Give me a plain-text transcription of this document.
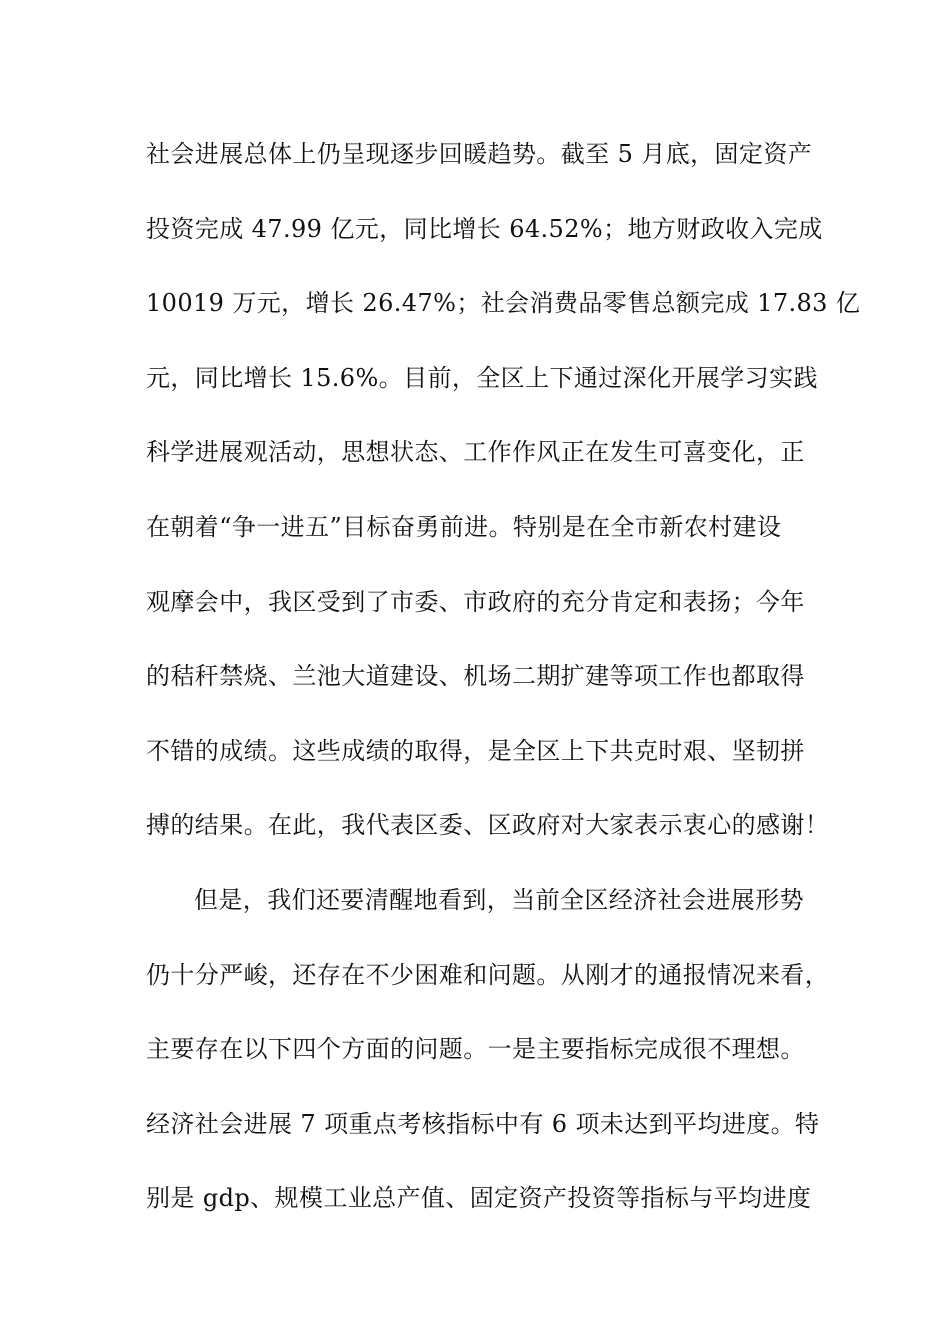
社会进展总体上仍呈现逐步回暖趋势。截至 5 月底，固定资产
投资完成 47.99 亿元，同比增长 64.52%；地方财政收入完成
10019 万元，增长 26.47%；社会消费品零售总额完成 17.83 亿
元，同比增长 15.6%。目前，全区上下通过深化开展学习实践
科学进展观活动，思想状态、工作作风正在发生可喜变化，正
在朝着“争一进五”目标奋勇前进。特别是在全市新农村建设
观摩会中，我区受到了市委、市政府的充分肯定和表扬；今年
的秸秆禁烧、兰池大道建设、机场二期扩建等项工作也都取得
不错的成绩。这些成绩的取得，是全区上下共克时艰、坚韧拼
搏的结果。在此，我代表区委、区政府对大家表示衷心的感谢！
但是，我们还要清醒地看到，当前全区经济社会进展形势
仍十分严峻，还存在不少困难和问题。从刚才的通报情况来看，
主要存在以下四个方面的问题。一是主要指标完成很不理想。
经济社会进展 7 项重点考核指标中有 6 项未达到平均进度。特
别是 gdp、规模工业总产值、固定资产投资等指标与平均进度
